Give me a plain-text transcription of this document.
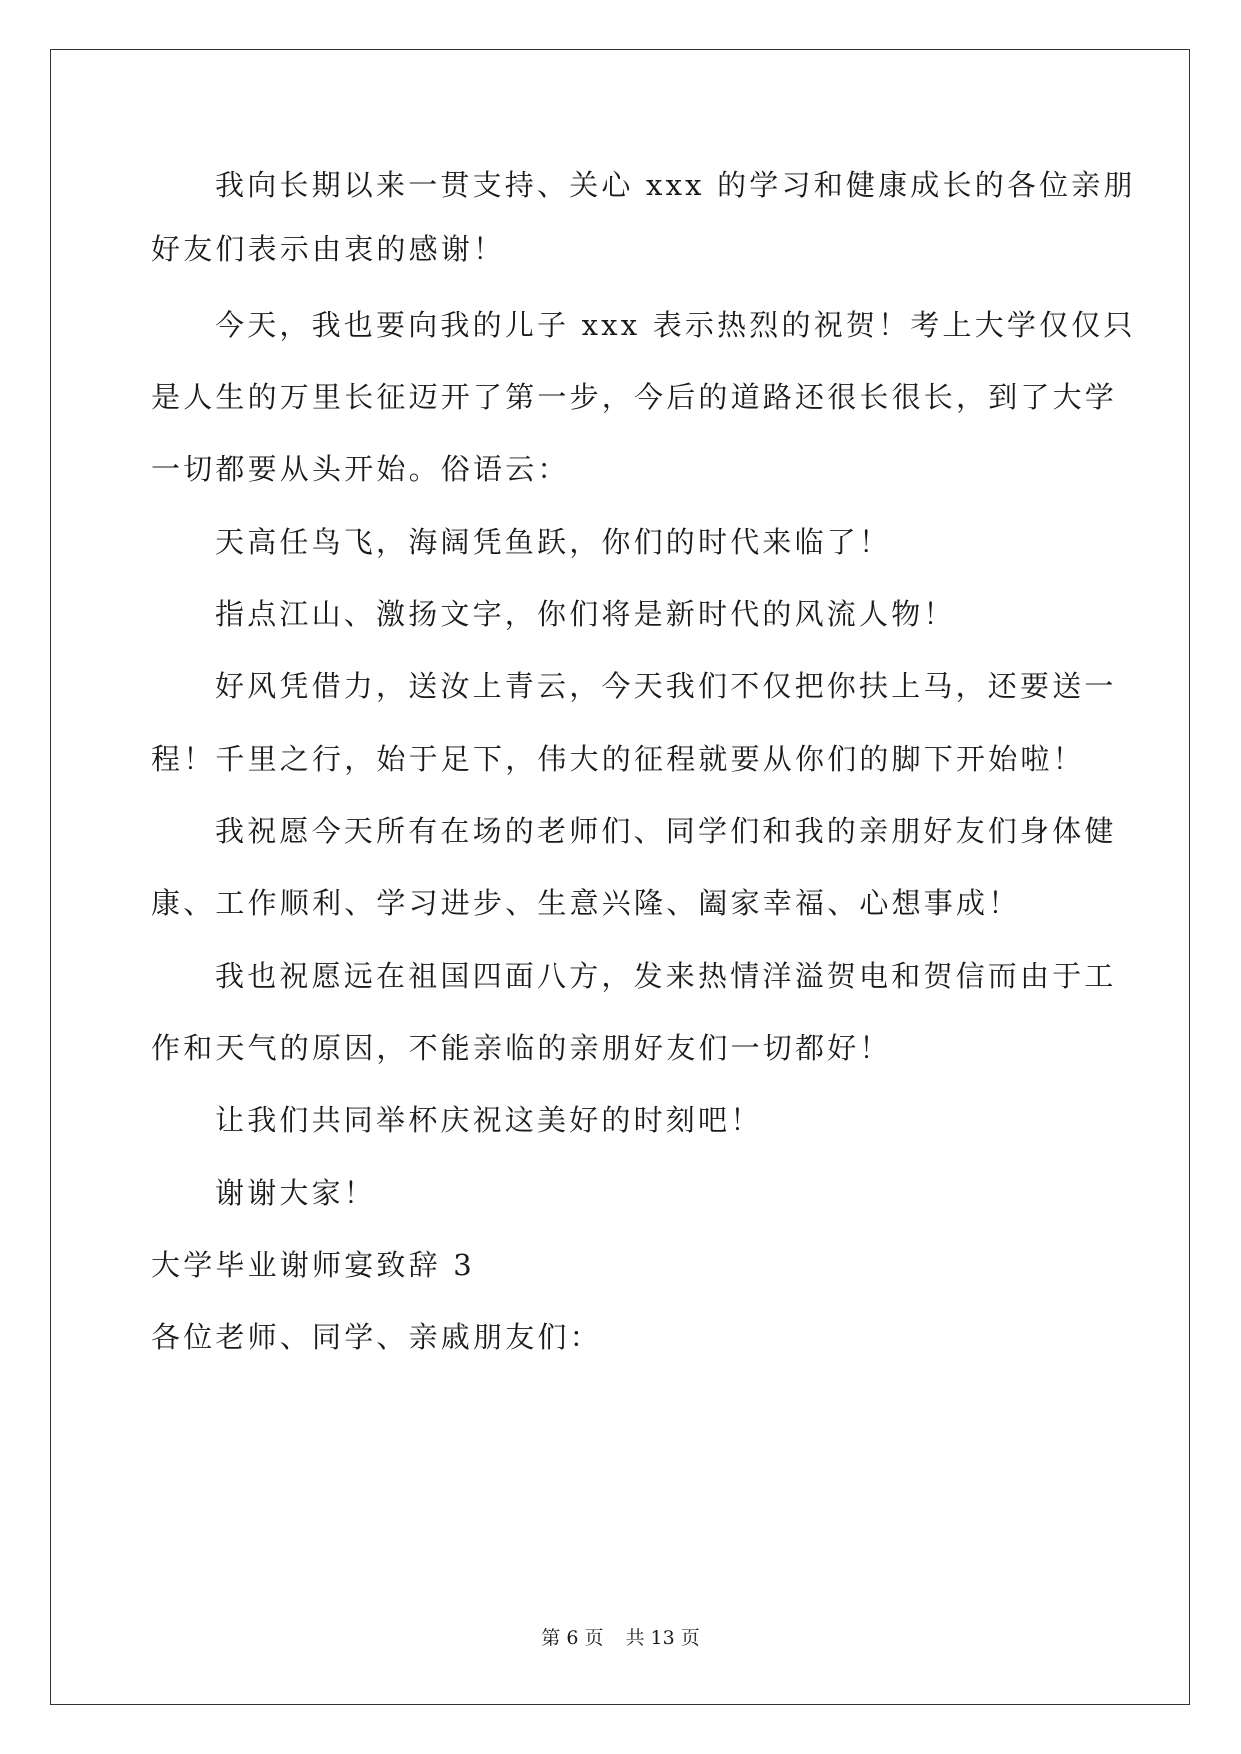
我向长期以来一贯支持、关心 xxx 的学习和健康成长的各位亲朋
好友们表示由衷的感谢！
今天，我也要向我的儿子 xxx 表示热烈的祝贺！考上大学仅仅只
是人生的万里长征迈开了第一步，今后的道路还很长很长，到了大学
一切都要从头开始。俗语云：
天高任鸟飞，海阔凭鱼跃，你们的时代来临了！
指点江山、激扬文字，你们将是新时代的风流人物！
好风凭借力，送汝上青云，今天我们不仅把你扶上马，还要送一
程！千里之行，始于足下，伟大的征程就要从你们的脚下开始啦！
我祝愿今天所有在场的老师们、同学们和我的亲朋好友们身体健
康、工作顺利、学习进步、生意兴隆、阖家幸福、心想事成！
我也祝愿远在祖国四面八方，发来热情洋溢贺电和贺信而由于工
作和天气的原因，不能亲临的亲朋好友们一切都好！
让我们共同举杯庆祝这美好的时刻吧！
谢谢大家！
大学毕业谢师宴致辞 3
各位老师、同学、亲戚朋友们：
第 6 页 共 13 页
